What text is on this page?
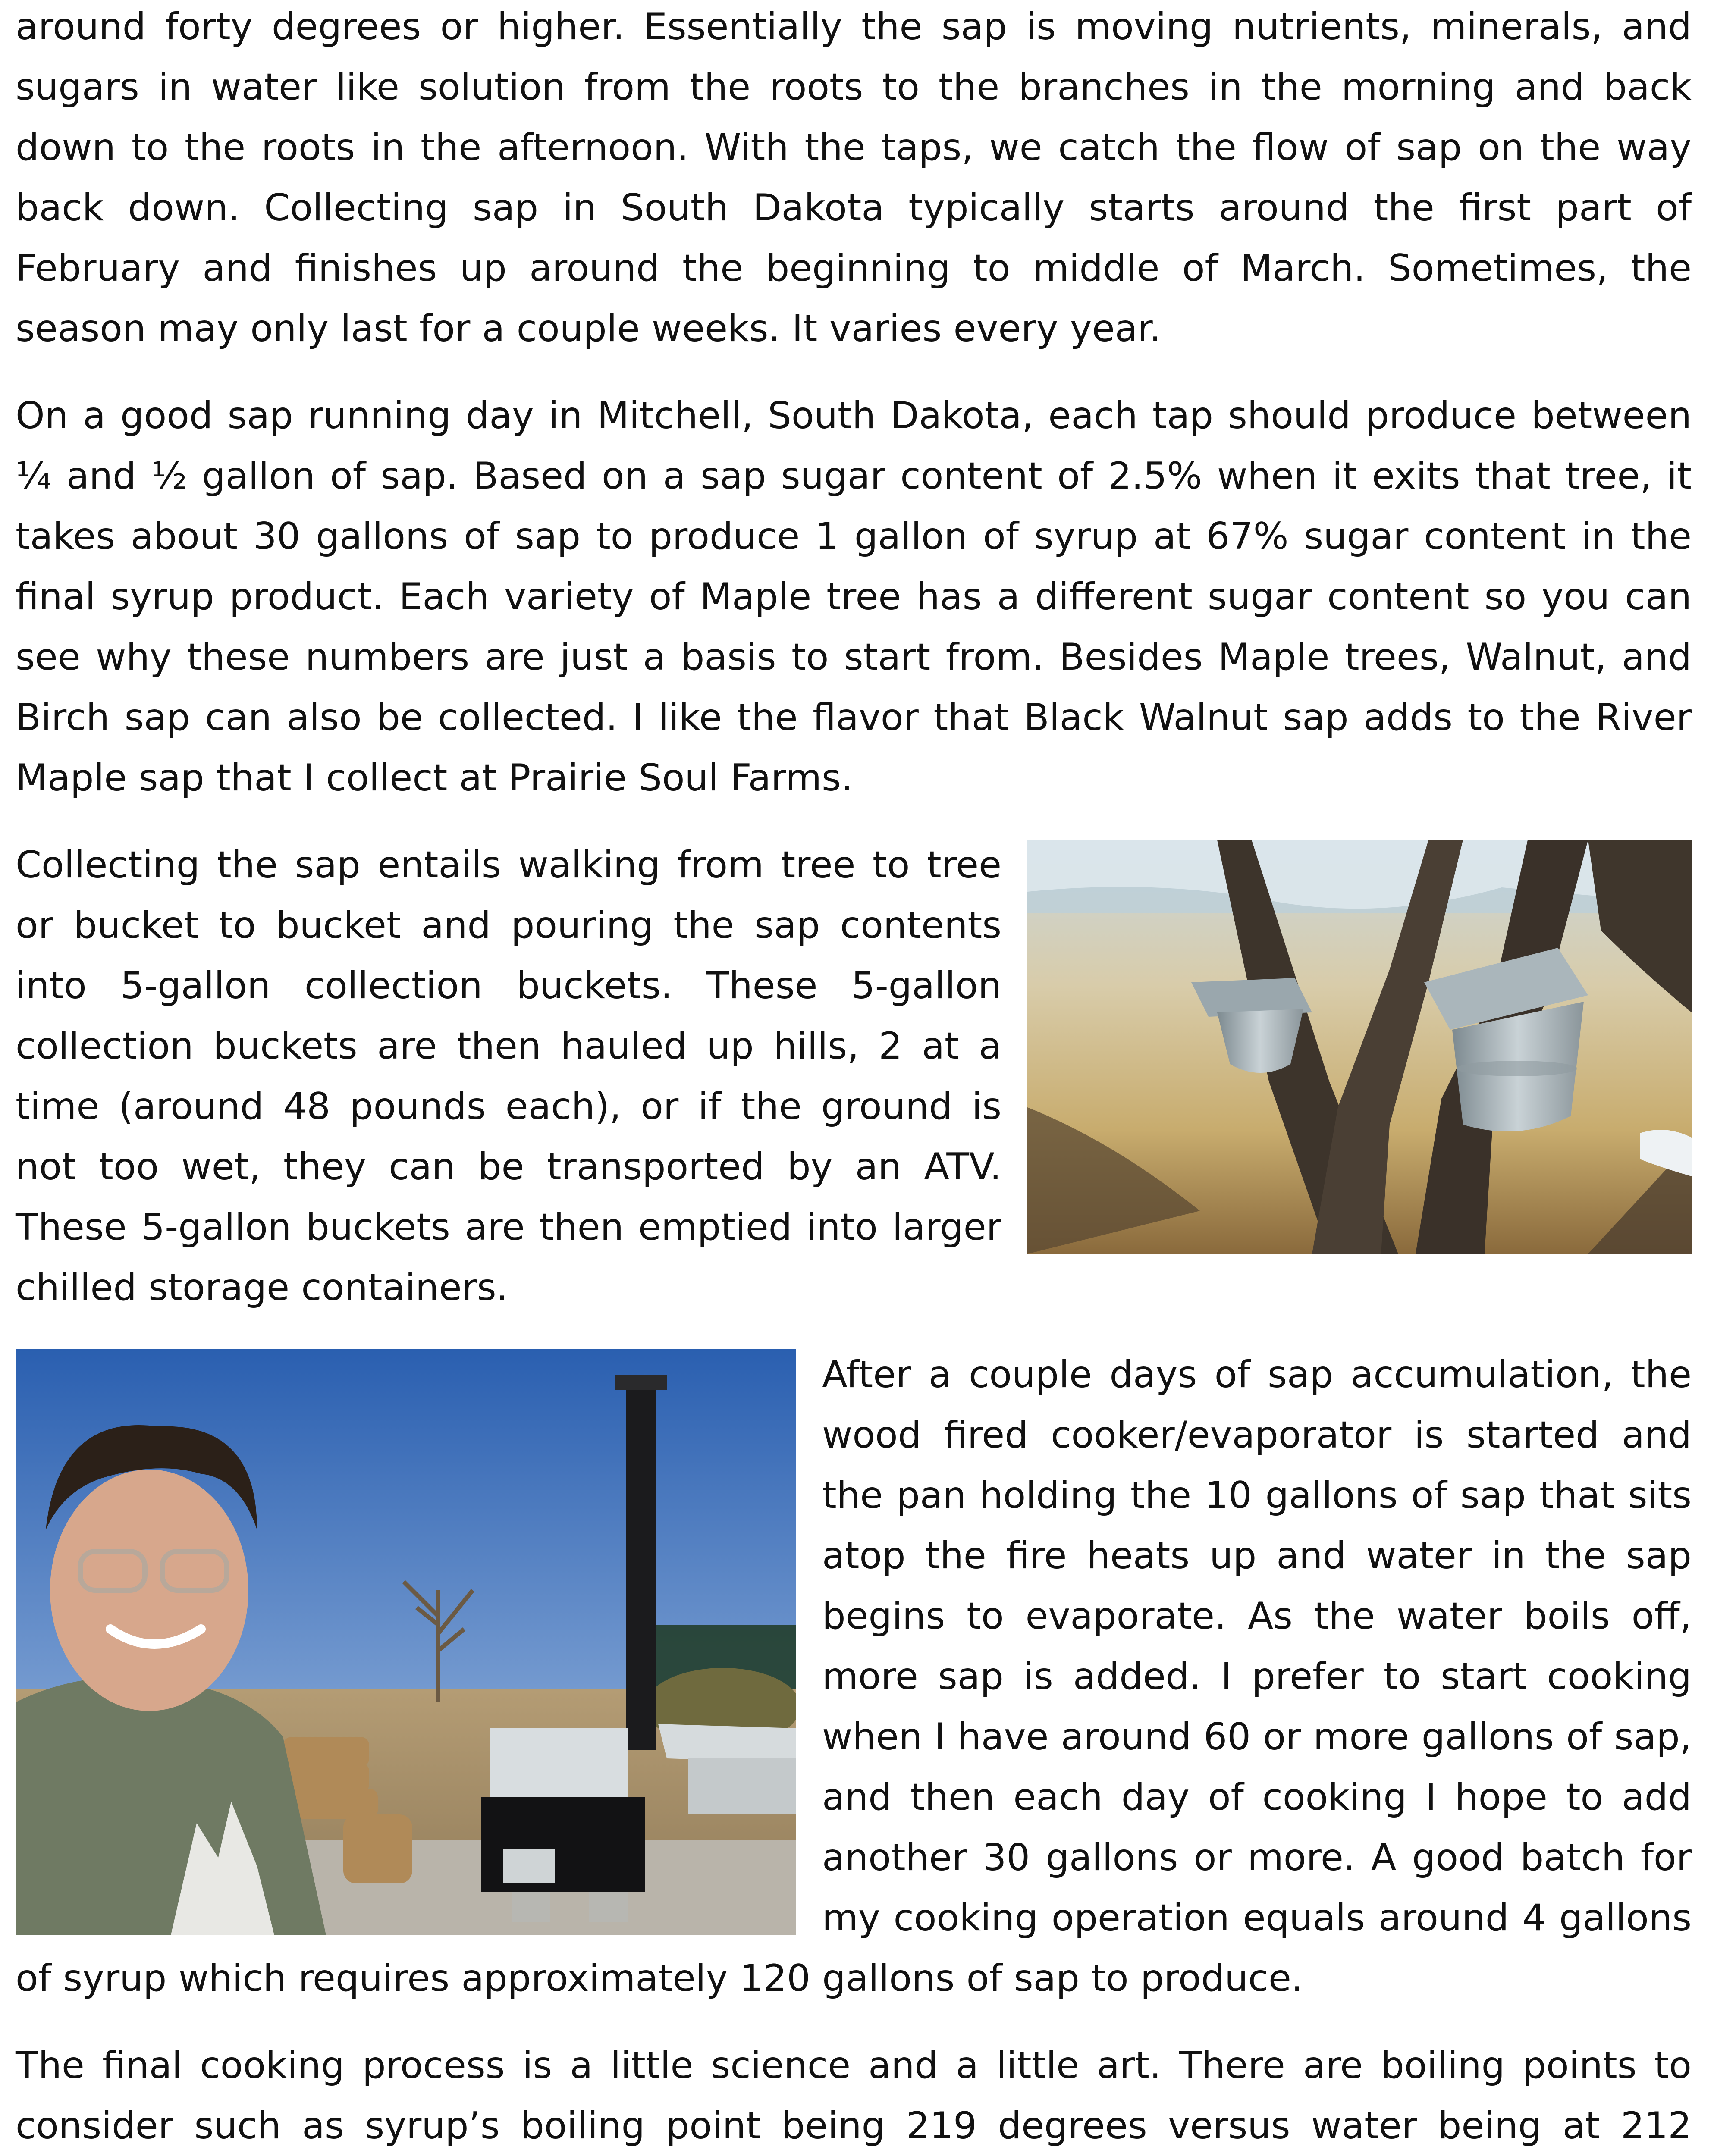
around forty degrees or higher. Essentially the sap is moving nutrients, minerals, and sugars in water like solution from the roots to the branches in the morning and back down to the roots in the afternoon. With the taps, we catch the flow of sap on the way back down. Collecting sap in South Dakota typically starts around the first part of February and finishes up around the beginning to middle of March. Sometimes, the season may only last for a couple weeks. It varies every year.

On a good sap running day in Mitchell, South Dakota, each tap should produce between ¼ and ½ gallon of sap. Based on a sap sugar content of 2.5% when it exits that tree, it takes about 30 gallons of sap to produce 1 gallon of syrup at 67% sugar content in the final syrup product. Each variety of Maple tree has a different sugar content so you can see why these numbers are just a basis to start from. Besides Maple trees, Walnut, and Birch sap can also be collected. I like the flavor that Black Walnut sap adds to the River Maple sap that I collect at Prairie Soul Farms.

Collecting the sap entails walking from tree to tree or bucket to bucket and pouring the sap contents into 5-gallon collection buckets. These 5-gallon collection buckets are then hauled up hills, 2 at a time (around 48 pounds each), or if the ground is not too wet, they can be transported by an ATV. These 5-gallon buckets are then emptied into larger chilled storage containers.

After a couple days of sap accumulation, the wood fired cooker/evaporator is started and the pan holding the 10 gallons of sap that sits atop the fire heats up and water in the sap begins to evaporate. As the water boils off, more sap is added. I prefer to start cooking when I have around 60 or more gallons of sap, and then each day of cooking I hope to add another 30 gallons or more. A good batch for my cooking operation equals around 4 gallons of syrup which requires approximately 120 gallons of sap to produce.

The final cooking process is a little science and a little art. There are boiling points to consider such as syrup’s boiling point being 219 degrees versus water being at 212
